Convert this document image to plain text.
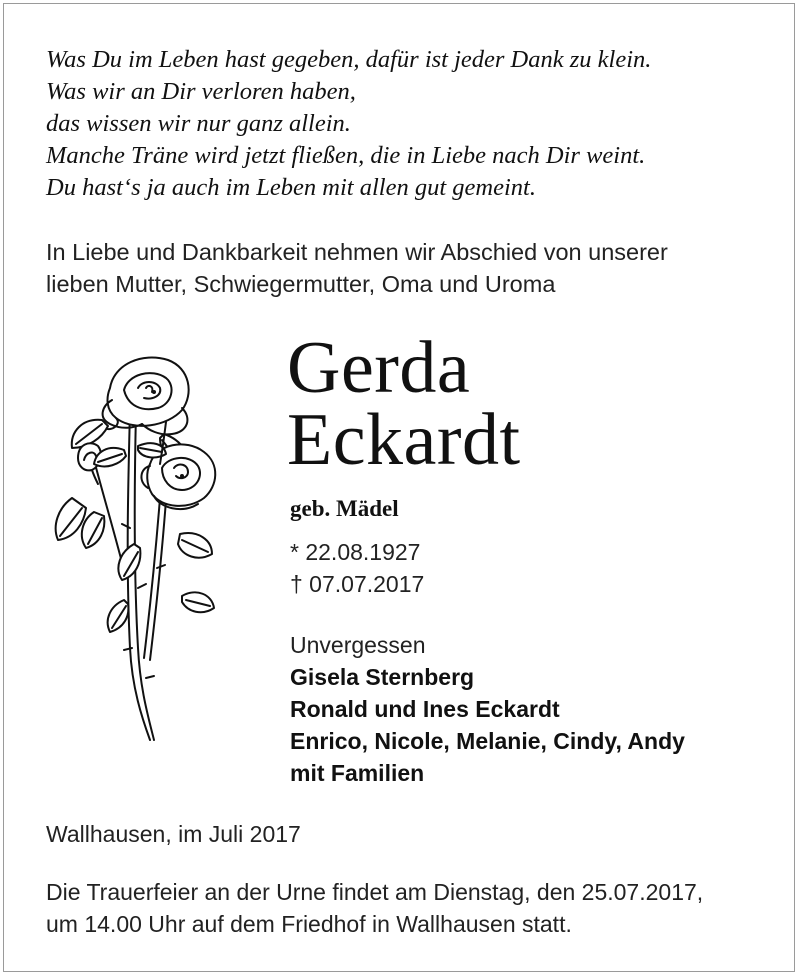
Was Du im Leben hast gegeben, dafür ist jeder Dank zu klein.
Was wir an Dir verloren haben,
das wissen wir nur ganz allein.
Manche Träne wird jetzt fließen, die in Liebe nach Dir weint.
Du hast‘s ja auch im Leben mit allen gut gemeint.
In Liebe und Dankbarkeit nehmen wir Abschied von unserer
lieben Mutter, Schwiegermutter, Oma und Uroma
Gerda
Eckardt
geb. Mädel
* 22.08.1927
† 07.07.2017
Unvergessen
Gisela Sternberg
Ronald und Ines Eckardt
Enrico, Nicole, Melanie, Cindy, Andy
mit Familien
Wallhausen, im Juli 2017
Die Trauerfeier an der Urne findet am Dienstag, den 25.07.2017,
um 14.00 Uhr auf dem Friedhof in Wallhausen statt.
